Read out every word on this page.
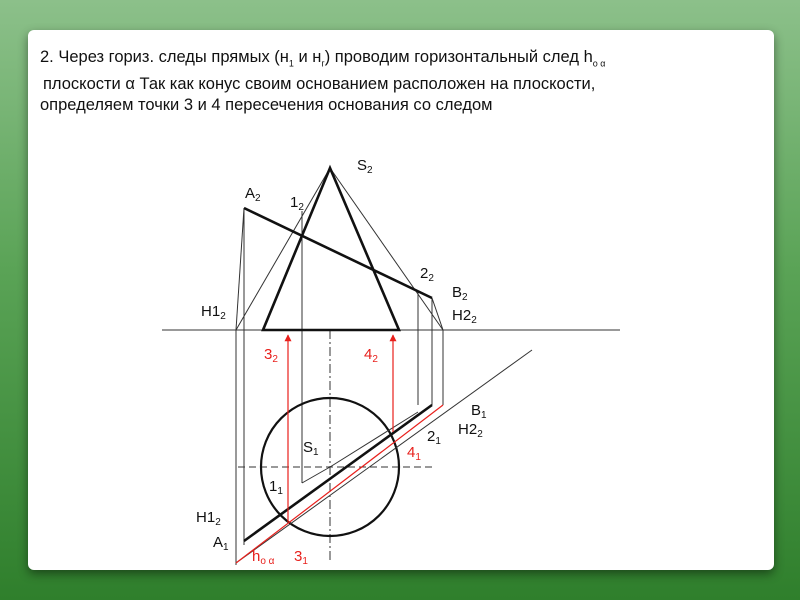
2. Через гориз. следы прямых ($н_1$ и $н_г$) проводим горизонтальный след $h_{о \alpha}$
плоскости α Так как конус своим основанием расположен на плоскости,
определяем точки 3 и 4 пересечения основания со следом
$S_2$
$A_2$ $1_2$
$2_2$
$B_2$
$H2_2$
$H1_2$
$B_1$
$H2_2$
$2_1$
$S_1$
$1_1$
$H1_2$
$A_1$
$3_2$	$4_2$
$4_1$
$h_{о \alpha}$ $3_1$
